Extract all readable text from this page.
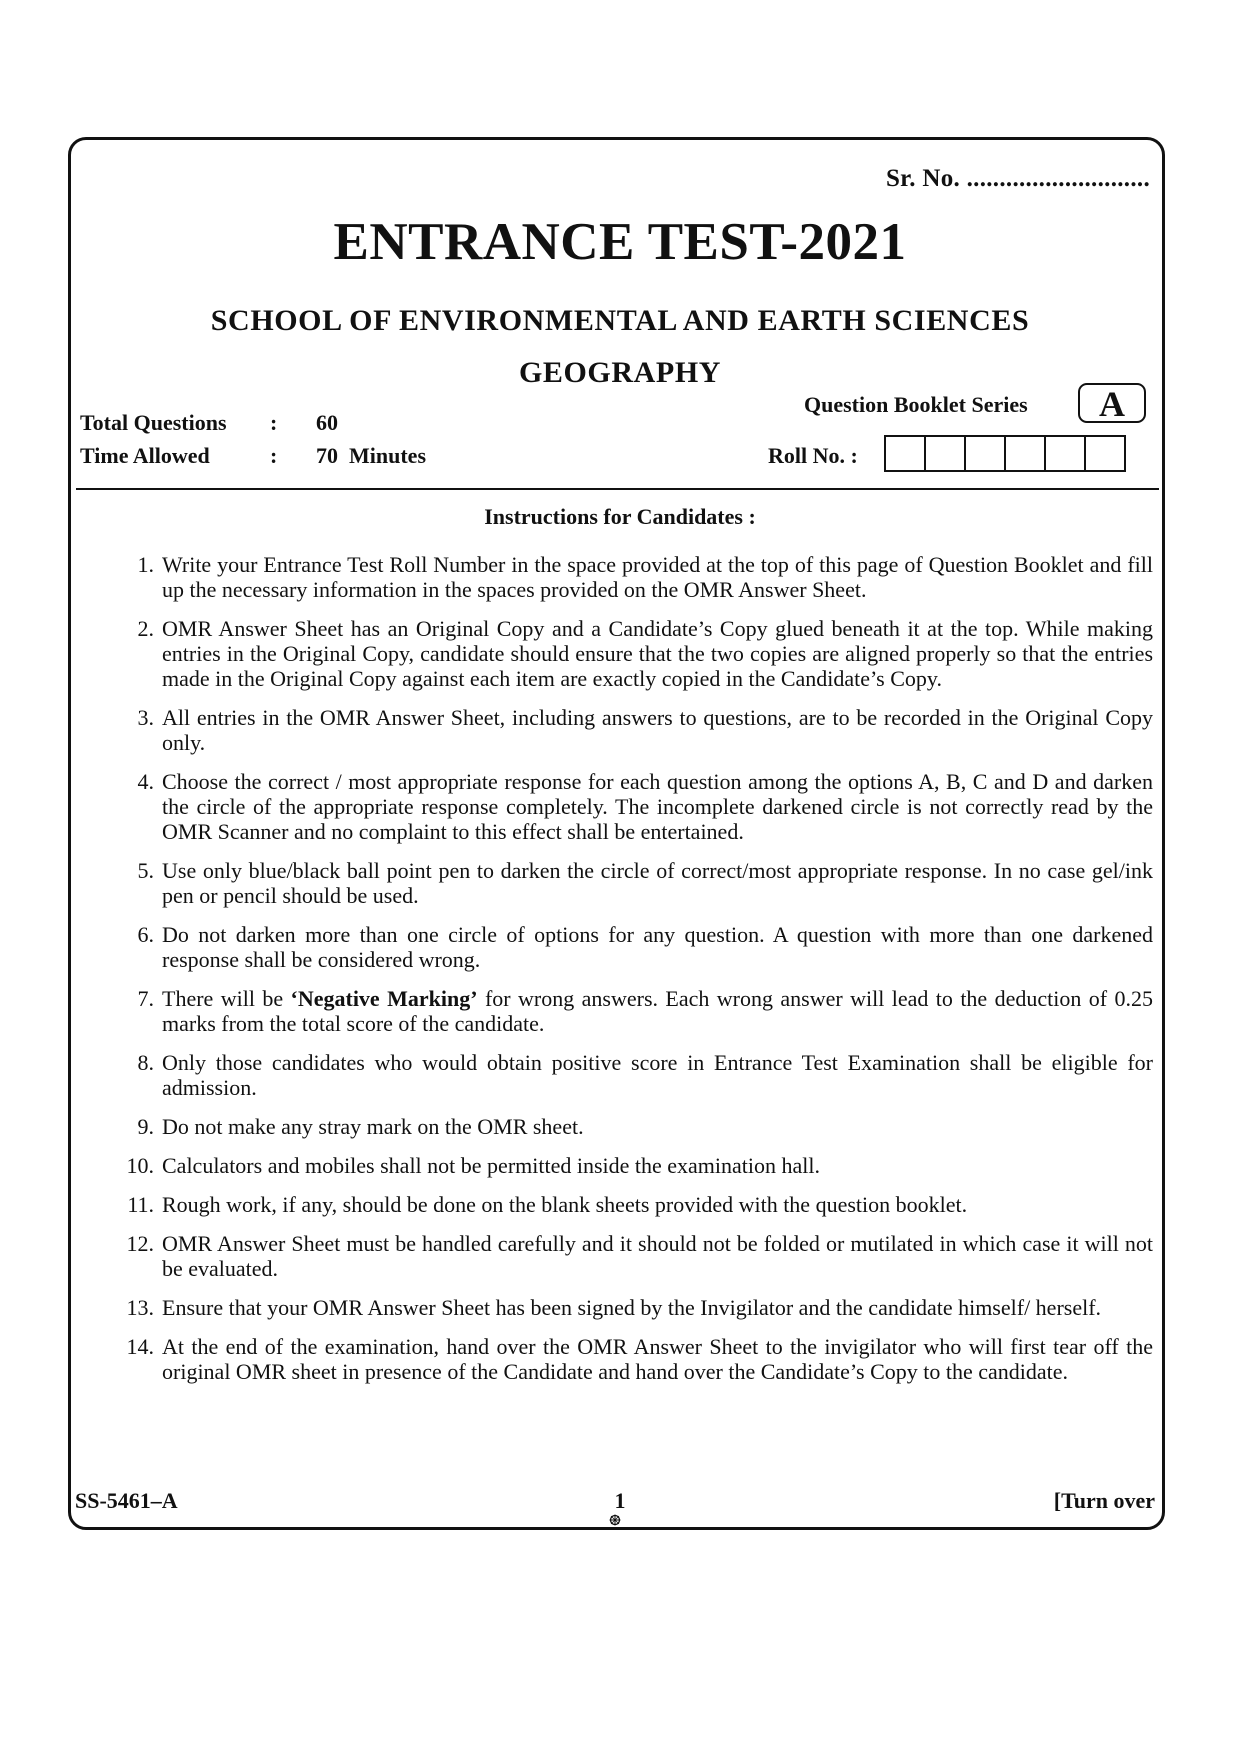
Sr. No. ............................
ENTRANCE TEST-2021
SCHOOL OF ENVIRONMENTAL AND EARTH SCIENCES
GEOGRAPHY
Total Questions : 60
Time Allowed	: 70  Minutes
Question Booklet Series	A
Roll No. :
Instructions for Candidates :
1. Write your Entrance Test Roll Number in the space provided at the top of this page of Question Booklet and fill up the necessary information in the spaces provided on the OMR Answer Sheet.
2. OMR Answer Sheet has an Original Copy and a Candidate’s Copy glued beneath it at the top. While making entries in the Original Copy, candidate should ensure that the two copies are aligned properly so that the entries made in the Original Copy against each item are exactly copied in the Candidate’s Copy.
3. All entries in the OMR Answer Sheet, including answers to questions, are to be recorded in the Original Copy only.
4. Choose the correct / most appropriate response for each question among the options A, B, C and D and darken the circle of the appropriate response completely. The incomplete darkened circle is not correctly read by the OMR Scanner and no complaint to this effect shall be entertained.
5. Use only blue/black ball point pen to darken the circle of correct/most appropriate response. In no case gel/ink pen or pencil should be used.
6. Do not darken more than one circle of options for any question. A question with more than one darkened response shall be considered wrong.
7. There will be ‘Negative Marking’ for wrong answers. Each wrong answer will lead to the deduction of 0.25 marks from the total score of the candidate.
8. Only those candidates who would obtain positive score in Entrance Test Examination shall be eligible for admission.
9. Do not make any stray mark on the OMR sheet.
10. Calculators and mobiles shall not be permitted inside the examination hall.
11. Rough work, if any, should be done on the blank sheets provided with the question booklet.
12. OMR Answer Sheet must be handled carefully and it should not be folded or mutilated in which case it will not be evaluated.
13. Ensure that your OMR Answer Sheet has been signed by the Invigilator and the candidate himself/ herself.
14. At the end of the examination, hand over the OMR Answer Sheet to the invigilator who will first tear off the original OMR sheet in presence of the Candidate and hand over the Candidate’s Copy to the candidate.
SS-5461–A	1	[Turn over
